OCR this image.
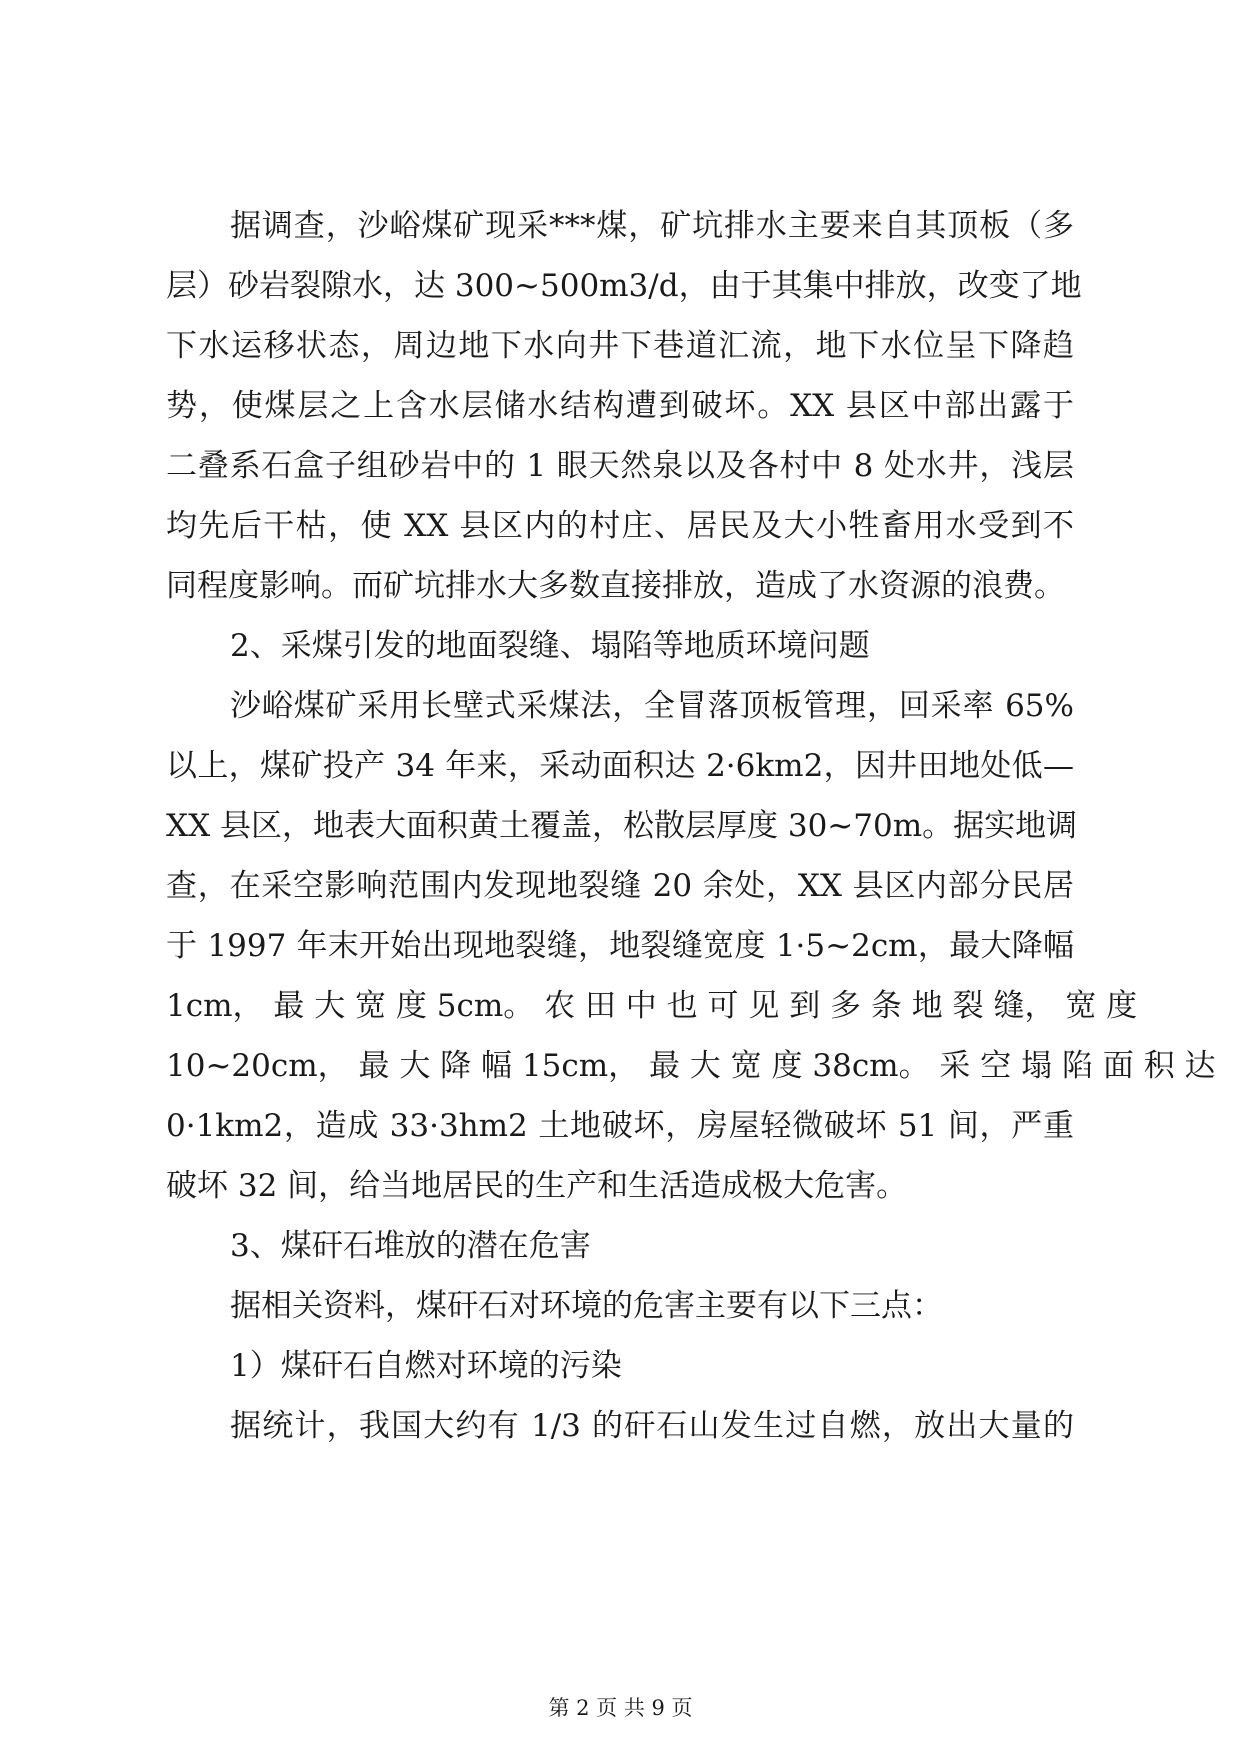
据调查，沙峪煤矿现采***煤，矿坑排水主要来自其顶板（多
层）砂岩裂隙水，达 300~500m3/d，由于其集中排放，改变了地
下水运移状态，周边地下水向井下巷道汇流，地下水位呈下降趋
势，使煤层之上含水层储水结构遭到破坏。XX 县区中部出露于
二叠系石盒子组砂岩中的 1 眼天然泉以及各村中 8 处水井，浅层
均先后干枯，使 XX 县区内的村庄、居民及大小牲畜用水受到不
同程度影响。而矿坑排水大多数直接排放，造成了水资源的浪费。
2、采煤引发的地面裂缝、塌陷等地质环境问题
沙峪煤矿采用长壁式采煤法，全冒落顶板管理，回采率 65%
以上，煤矿投产 34 年来，采动面积达 2·6km2，因井田地处低—
XX 县区，地表大面积黄土覆盖，松散层厚度 30~70m。据实地调
查，在采空影响范围内发现地裂缝 20 余处，XX 县区内部分民居
于 1997 年末开始出现地裂缝，地裂缝宽度 1·5~2cm，最大降幅
1cm， 最 大 宽 度 5cm。 农 田 中 也 可 见 到 多 条 地 裂 缝， 宽 度
10~20cm， 最 大 降 幅 15cm， 最 大 宽 度 38cm。 采 空 塌 陷 面 积 达
0·1km2，造成 33·3hm2 土地破坏，房屋轻微破坏 51 间，严重
破坏 32 间，给当地居民的生产和生活造成极大危害。
3、煤矸石堆放的潜在危害
据相关资料，煤矸石对环境的危害主要有以下三点：
1）煤矸石自燃对环境的污染
据统计，我国大约有 1/3 的矸石山发生过自燃，放出大量的
第 2 页 共 9 页
